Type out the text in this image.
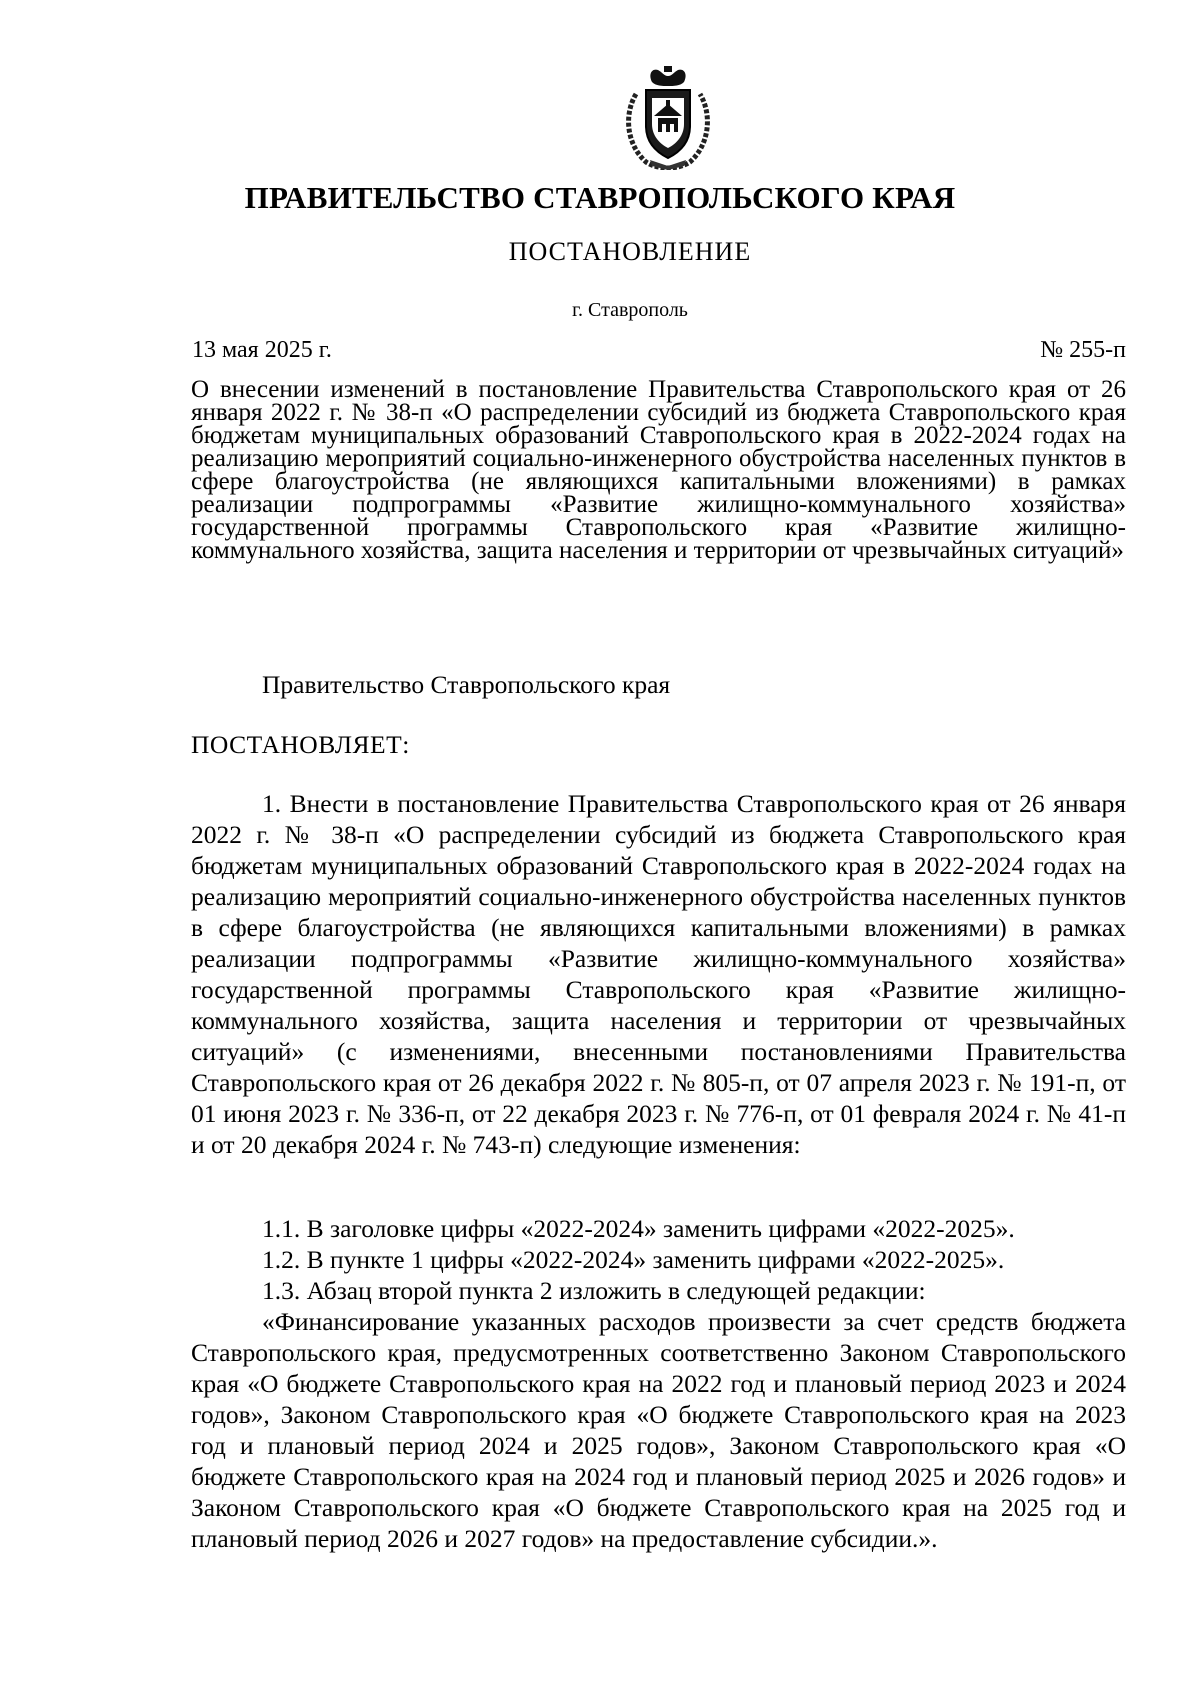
ПРАВИТЕЛЬСТВО СТАВРОПОЛЬСКОГО КРАЯ
ПОСТАНОВЛЕНИЕ
г. Ставрополь
13 мая 2025 г.	№ 255-п
О внесении изменений в постановление Правительства Ставропольского края от 26 января 2022 г. № 38-п «О распределении субсидий из бюджета Ставропольского края бюджетам муниципальных образований Ставропольского края в 2022-2024 годах на реализацию мероприятий социально-инженерного обустройства населенных пунктов в сфере благоустройства (не являющихся капитальными вложениями) в рамках реализации подпрограммы «Развитие жилищно-коммунального хозяйства» государственной программы Ставропольского края «Развитие жилищно-коммунального хозяйства, защита населения и территории от чрезвычайных ситуаций»
Правительство Ставропольского края
ПОСТАНОВЛЯЕТ:
1. Внести в постановление Правительства Ставропольского края от 26 января 2022 г. № 38-п «О распределении субсидий из бюджета Ставропольского края бюджетам муниципальных образований Ставропольского края в 2022-2024 годах на реализацию мероприятий социально-инженерного обустройства населенных пунктов в сфере благоустройства (не являющихся капитальными вложениями) в рамках реализации подпрограммы «Развитие жилищно-коммунального хозяйства» государственной программы Ставропольского края «Развитие жилищно-коммунального хозяйства, защита населения и территории от чрезвычайных ситуаций» (с изменениями, внесенными постановлениями Правительства Ставропольского края от 26 декабря 2022 г. № 805-п, от 07 апреля 2023 г. № 191-п, от 01 июня 2023 г. № 336-п, от 22 декабря 2023 г. № 776-п, от 01 февраля 2024 г. № 41-п и от 20 декабря 2024 г. № 743-п) следующие изменения:
1.1. В заголовке цифры «2022-2024» заменить цифрами «2022-2025».
1.2. В пункте 1 цифры «2022-2024» заменить цифрами «2022-2025».
1.3. Абзац второй пункта 2 изложить в следующей редакции:
«Финансирование указанных расходов произвести за счет средств бюджета Ставропольского края, предусмотренных соответственно Законом Ставропольского края «О бюджете Ставропольского края на 2022 год и плановый период 2023 и 2024 годов», Законом Ставропольского края «О бюджете Ставропольского края на 2023 год и плановый период 2024 и 2025 годов», Законом Ставропольского края «О бюджете Ставропольского края на 2024 год и плановый период 2025 и 2026 годов» и Законом Ставропольского края «О бюджете Ставропольского края на 2025 год и плановый период 2026 и 2027 годов» на предоставление субсидии.».
